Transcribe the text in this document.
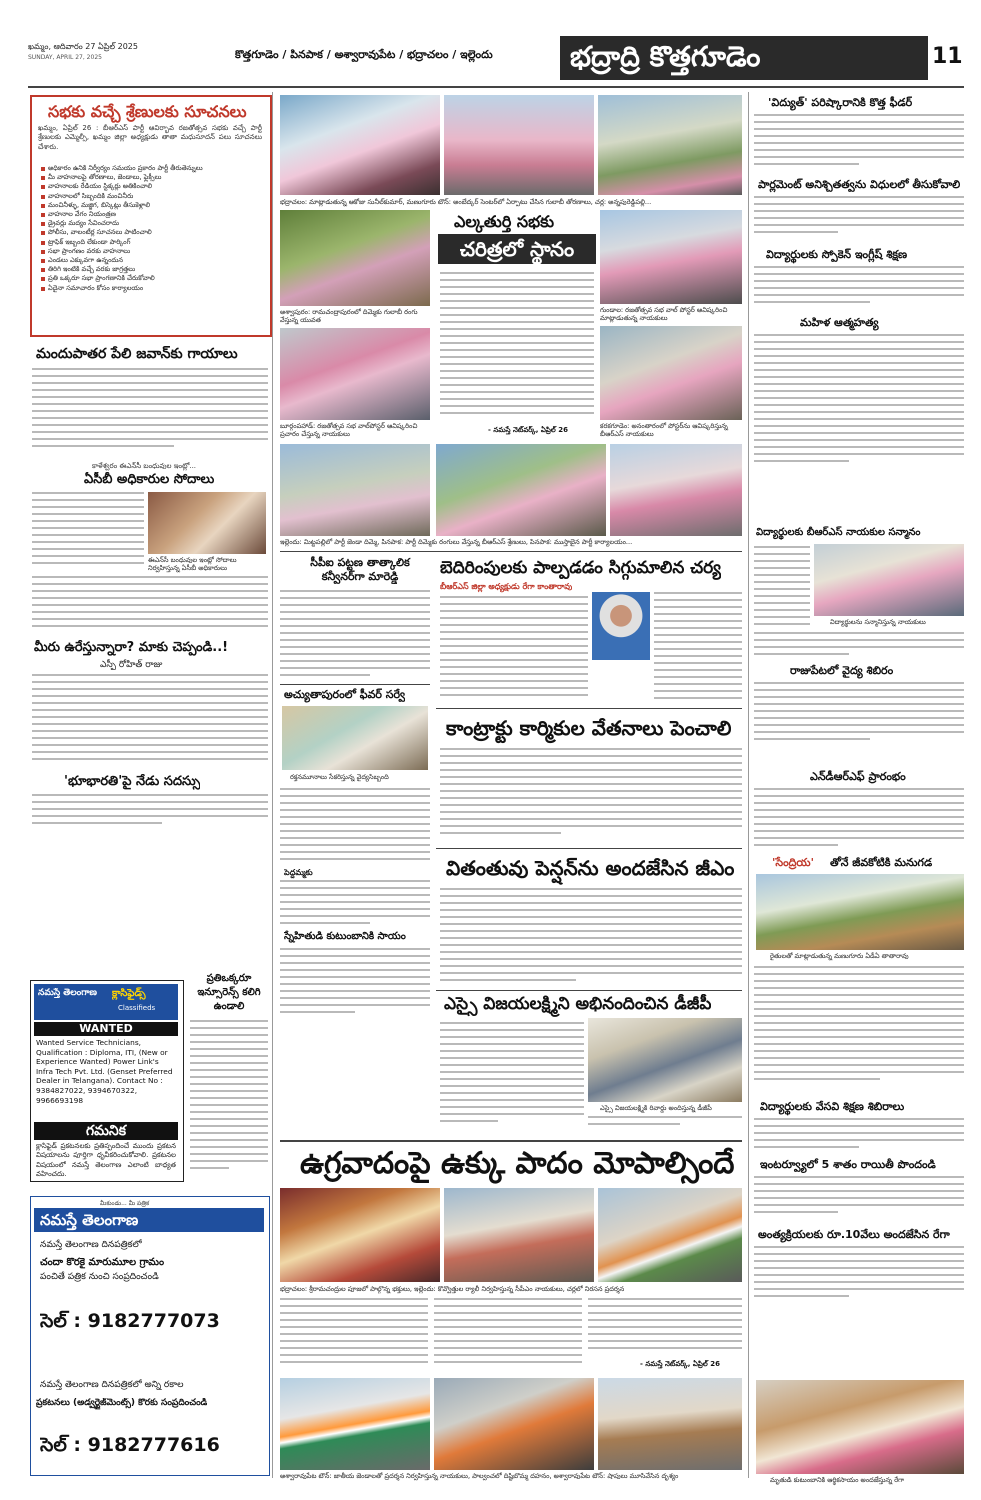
ఖమ్మం, ఆదివారం 27 ఏప్రిల్ 2025
SUNDAY, APRIL 27, 2025	కొత్తగూడెం / పినపాక / అశ్వారావుపేట / భద్రాచలం / ఇల్లెందు	భద్రాద్రి కొత్తగూడెం	11
సభకు వచ్చే శ్రేణులకు సూచనలు
ఖమ్మం, ఏప్రిల్ 26 : బీఆర్ఎస్ పార్టీ ఆవిర్భావ రజతోత్సవ సభకు వచ్చే పార్టీ శ్రేణులకు ఎమ్మెల్సీ, ఖమ్మం జిల్లా అధ్యక్షుడు తాతా మధుసూదన్ పలు సూచనలు చేశారు.
అధికారం ఉనికి నిర్వీర్యం సమయం ప్రకారం పార్టీ తీరుతెన్నులు
మీ వాహనాలపై తోరణాలు, జెండాలు, ఫ్లెక్సీలు
వాహనాలకు రేడియం స్టిక్కర్లు అతికించాలి
వాహనాలలో సిబ్బందికి మంచినీరు
మంచినీళ్ళు, మజ్జిగ, బిస్కెట్లు తీసుకెళ్లాలి
వాహనాల వేగం నియంత్రణ
డ్రైవర్లు మద్యం సేవించరాదు
పోలీసు, వాలంటీర్ల సూచనలు పాటించాలి
ట్రాఫిక్ ఇబ్బంది లేకుండా పార్కింగ్
సభా ప్రాంగణం వరకు వాహనాలు
ఎండలు ఎక్కువగా ఉన్నందున
తిరిగి ఇంటికి వచ్చే వరకు జాగ్రత్తలు
ప్రతి ఒక్కరూ సభా ప్రాంగణానికి చేరుకోవాలి
ఏదైనా సమాచారం కోసం కార్యాలయం
మందుపాతర పేలి జవాన్‌కు గాయాలు
కాళేశ్వరం ఈఎన్‌సీ బంధువుల ఇంట్లో...
ఏసీబీ అధికారుల సోదాలు
ఈఎన్‌సీ బంధువుల ఇంట్లో సోదాలు నిర్వహిస్తున్న ఏసీబీ అధికారులు
మీరు ఉరేస్తున్నారా? మాకు చెప్పండి..!
ఎస్పీ రోహిత్ రాజు
'భూభారతి'పై నేడు సదస్సు
నమస్తే తెలంగాణ క్లాసిఫైడ్స్
Classifieds
WANTED
Wanted Service Technicians, Qualification : Diploma, ITI, (New or Experience Wanted) Power Link's Infra Tech Pvt. Ltd. (Genset Preferred Dealer in Telangana). Contact No : 9384827022, 9394670322, 9966693198
గమనిక
క్లాసిఫైడ్ ప్రకటనలకు ప్రతిస్పందించే ముందు ప్రకటన విషయాలను పూర్తిగా ధృవీకరించుకోవాలి. ప్రకటనల విషయంలో నమస్తే తెలంగాణ ఎలాంటి బాధ్యత వహించదు.
ప్రతిఒక్కరూ ఇన్సూరెన్స్ కలిగి ఉండాలి
మీకుండు... మీ పత్రిక
నమస్తే తెలంగాణ
నమస్తే తెలంగాణ దినపత్రికలో
చందా కొరకై మారుమూల గ్రామం
పంచితే పత్రిక నుంచి సంప్రదించండి
సెల్ : 9182777073
నమస్తే తెలంగాణ దినపత్రికలో అన్ని రకాల
ప్రకటనలు (అడ్వర్టైజ్‌మెంట్స్) కొరకు సంప్రదించండి
సెల్ : 9182777616
భద్రాచలం: మాట్లాడుతున్న ఆకోజు సునీల్‌కుమార్, మణుగూరు టౌన్: అంబేద్కర్ సెంటర్‌లో ఏర్పాటు చేసిన గులాబీ తోరణాలు, చర్ల: అన్నపురెడ్డిపల్లి...
అశ్వాపురం: రామచంద్రాపురంలో దిమ్మెకు గులాబీ రంగు వేస్తున్న యువత
బూర్గంపహాడ్: రజతోత్సవ సభ వాల్‌పోస్టర్ ఆవిష్కరించి ప్రచారం చేస్తున్న నాయకులు
ఎల్కతుర్తి సభకు
చరిత్రలో స్థానం
- నమస్తే నెట్‌వర్క్, ఏప్రిల్ 26
గుండాల: రజతోత్సవ సభ వాల్ పోస్టర్ ఆవిష్కరించి మాట్లాడుతున్న నాయకులు
కరకగూడెం: అనంతారంలో పోస్టర్‌ను ఆవిష్కరిస్తున్న బీఆర్ఎస్ నాయకులు
ఇల్లెందు: మిట్టపల్లిలో పార్టీ జెండా దిమ్మె, పినపాక: పార్టీ దిమ్మెకు రంగులు వేస్తున్న బీఆర్ఎస్ శ్రేణులు, పినపాక: ముస్తాబైన పార్టీ కార్యాలయం...
సీపీఐ పట్టణ తాత్కాలిక కన్వీనర్‌గా మారెడ్డి	బెదిరింపులకు పాల్పడడం సిగ్గుమాలిన చర్య
బీఆర్ఎస్ జిల్లా అధ్యక్షుడు రేగా కాంతారావు
అచ్యుతాపురంలో ఫీవర్ సర్వే
రక్తనమూనాలు సేకరిస్తున్న వైద్యసిబ్బంది
కాంట్రాక్టు కార్మికుల వేతనాలు పెంచాలి
పెద్దమ్మకు
స్నేహితుడి కుటుంబానికి సాయం
వితంతువు పెన్షన్‌ను అందజేసిన జీఎం
ఎస్సై విజయలక్ష్మిని అభినందించిన డీజీపీ
ఎస్సై విజయలక్ష్మికి రివార్డు అందిస్తున్న డీజీపీ
ఉగ్రవాదంపై ఉక్కు పాదం మోపాల్సిందే
భద్రాచలం: శ్రీరామచంద్రుల పూజలో పాల్గొన్న భక్తులు, ఇల్లెందు: కొవ్వొత్తుల ర్యాలీ నిర్వహిస్తున్న సీపీఎం నాయకులు, చర్లలో నిరసన ప్రదర్శన
- నమస్తే నెట్‌వర్క్, ఏప్రిల్ 26
అశ్వారావుపేట టౌన్: జాతీయ జెండాలతో ప్రదర్శన నిర్వహిస్తున్న నాయకులు, పాల్వంచలో దిష్టిబొమ్మ దహనం, అశ్వారావుపేట టౌన్: షాపులు మూసివేసిన దృశ్యం
'విద్యుత్' పరిష్కారానికి కొత్త ఫీడర్
పార్లమెంట్ అనిశ్చితత్వను విధులలో తీసుకోవాలి
విద్యార్థులకు స్పోకెన్ ఇంగ్లీష్ శిక్షణ
మహిళ ఆత్మహత్య
విద్యార్థులకు బీఆర్ఎస్ నాయకుల సన్మానం
విద్యార్థులను సన్మానిస్తున్న నాయకులు
రాజుపేటలో వైద్య శిబిరం
ఎన్‌డీఆర్ఎఫ్ ప్రారంభం
'సేంద్రియ' తోనే జీవకోటికి మనుగడ
రైతులతో మాట్లాడుతున్న మణుగూరు ఏడీఏ తాతారావు
విద్యార్థులకు వేసవి శిక్షణ శిబిరాలు
ఇంటర్వ్యూలో 5 శాతం రాయితీ పొందండి
అంత్యక్రియలకు రూ.10వేలు అందజేసిన రేగా
మృతుడి కుటుంబానికి ఆర్థికసాయం అందజేస్తున్న రేగా
